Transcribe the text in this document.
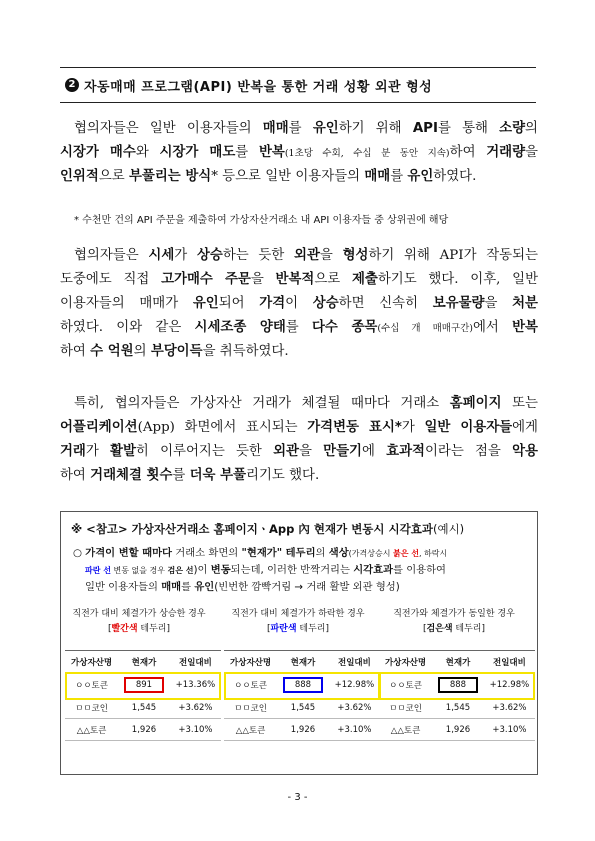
2 자동매매 프로그램(API) 반복을 통한 거래 성황 외관 형성
협의자들은 일반 이용자들의 매매를 유인하기 위해 API를 통해 소량의
시장가 매수와 시장가 매도를 반복(1초당 수회, 수십 분 동안 지속)하여 거래량을
인위적으로 부풀리는 방식* 등으로 일반 이용자들의 매매를 유인하였다.
* 수천만 건의 API 주문을 제출하여 가상자산거래소 내 API 이용자들 중 상위권에 해당
협의자들은 시세가 상승하는 듯한 외관을 형성하기 위해 API가 작동되는
도중에도 직접 고가매수 주문을 반복적으로 제출하기도 했다. 이후, 일반
이용자들의 매매가 유인되어 가격이 상승하면 신속히 보유물량을 처분
하였다. 이와 같은 시세조종 양태를 다수 종목(수십 개 매매구간)에서 반복
하여 수 억원의 부당이득을 취득하였다.
특히, 협의자들은 가상자산 거래가 체결될 때마다 거래소 홈페이지 또는
어플리케이션(App) 화면에서 표시되는 가격변동 표시*가 일반 이용자들에게
거래가 활발히 이루어지는 듯한 외관을 만들기에 효과적이라는 점을 악용
하여 거래체결 횟수를 더욱 부풀리기도 했다.
※ <참고> 가상자산거래소 홈페이지ㆍApp 內 현재가 변동시 시각효과(예시)
○ 가격이 변할 때마다 거래소 화면의 "현재가" 테두리의 색상(가격상승시 붉은 선, 하락시
파란 선 변동 없을 경우 검은 선)이 변동되는데, 이러한 반짝거리는 시각효과를 이용하여
일반 이용자들의 매매를 유인(빈번한 깜빡거림 → 거래 활발 외관 형성)
직전가 대비 체결가가 상승한 경우
[빨간색 테두리]
가상자산명	현재가	전일대비
ㅇㅇ토큰	891	+13.36%
ㅁㅁ코인	1,545	+3.62%
△△토큰	1,926	+3.10%
직전가 대비 체결가가 하락한 경우
[파란색 테두리]
가상자산명	현재가	전일대비
ㅇㅇ토큰	888	+12.98%
ㅁㅁ코인	1,545	+3.62%
△△토큰	1,926	+3.10%
직전가와 체결가가 동일한 경우
[검은색 테두리]
가상자산명	현재가	전일대비
ㅇㅇ토큰	888	+12.98%
ㅁㅁ코인	1,545	+3.62%
△△토큰	1,926	+3.10%
- 3 -
